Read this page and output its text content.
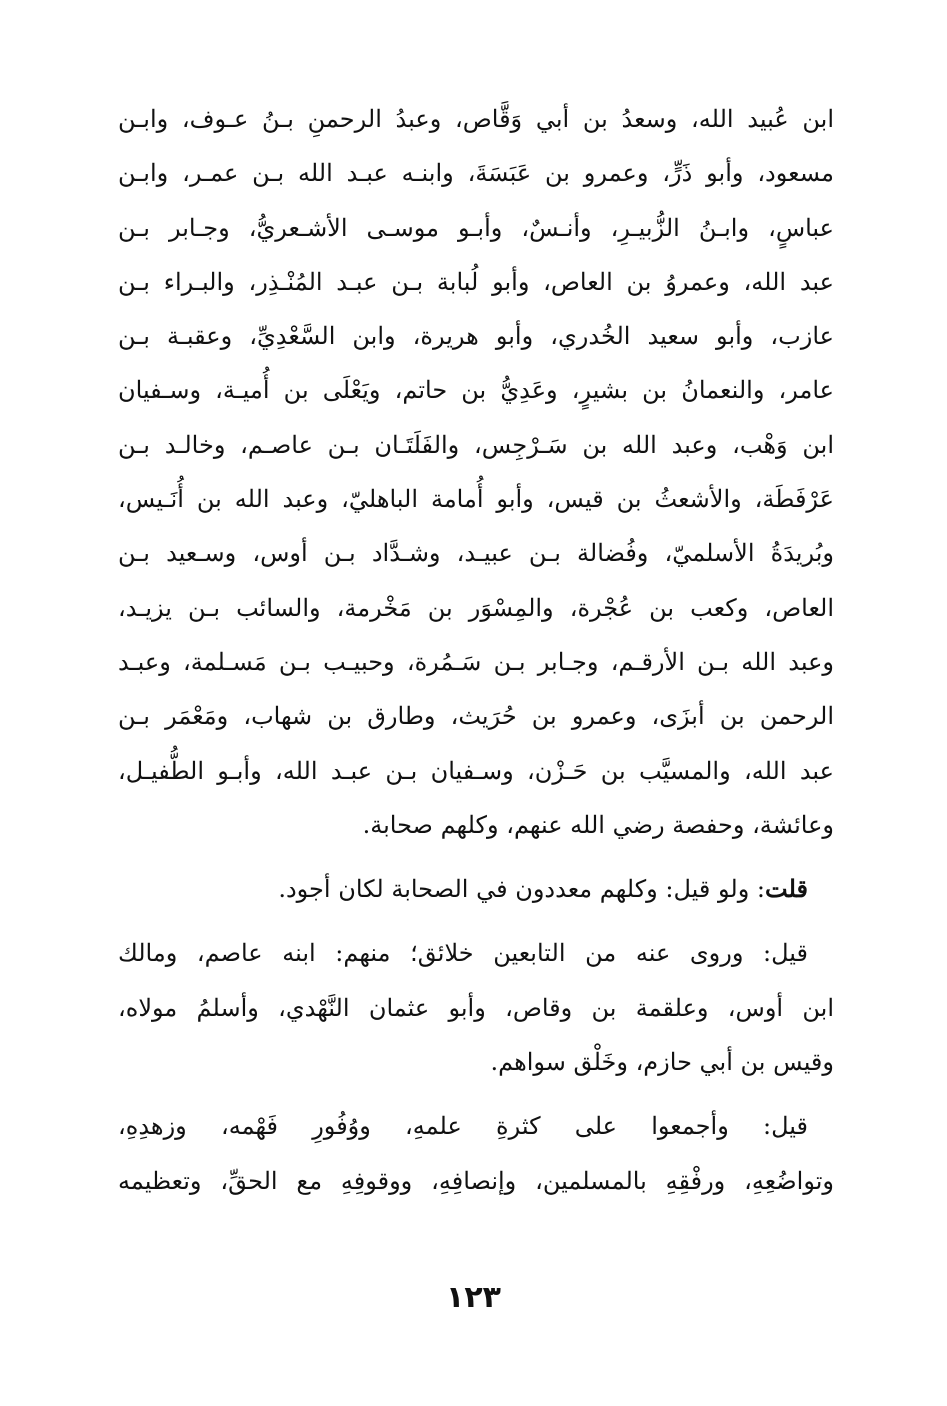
ابن عُبيد الله، وسعدُ بن أبي وَقَّاص، وعبدُ الرحمنِ بـنُ عـوف، وابـن
مسعود، وأبو ذَرٍّ، وعمرو بن عَبَسَةَ، وابنـه عبـد الله بـن عمـر، وابـن
عباسٍ، وابـنُ الزُّبيـرِ، وأنـسٌ، وأبـو موسـى الأشـعريُّ، وجـابر بـن
عبد الله، وعمروُ بن العاص، وأبو لُبابة بـن عبـد المُنْـذِر، والبـراء بـن
عازب، وأبو سعيد الخُدري، وأبو هريرة، وابن السَّعْدِيِّ، وعقبـة بـن
عامر، والنعمانُ بن بشيرٍ، وعَدِيُّ بن حاتم، ويَعْلَى بن أُميـة، وسـفيان
ابن وَهْب، وعبد الله بن سَـرْجِس، والفَلَتَـان بـن عاصـم، وخالـد بـن
عَرْفَطَة، والأشعثُ بن قيس، وأبو أُمامة الباهليّ، وعبد الله بن أُنَـيس،
وبُريدَةُ الأسلميّ، وفُضالة بـن عبيـد، وشـدَّاد بـن أوس، وسـعيد بـن
العاص، وكعب بن عُجْرة، والمِسْوَر بن مَخْرمة، والسائب بـن يزيـد،
وعبد الله بـن الأرقـم، وجـابر بـن سَـمُرة، وحبيـب بـن مَسـلمة، وعبـد
الرحمن بن أبزَى، وعمرو بن حُرَيث، وطارق بن شهاب، ومَعْمَر بـن
عبد الله، والمسيَّب بن حَـزْن، وسـفيان بـن عبـد الله، وأبـو الطُّفيـل،
وعائشة، وحفصة رضي الله عنهم، وكلهم صحابة.
قلت: ولو قيل: وكلهم معددون في الصحابة لكان أجود.
قيل: وروى عنه من التابعين خلائق؛ منهم: ابنه عاصم، ومالك
ابن أوس، وعلقمة بن وقاص، وأبو عثمان النَّهْدي، وأسلمُ مولاه،
وقيس بن أبي حازم، وخَلْق سواهم.
قيل: وأجمعوا على كثرةِ علمهِ، ووُفُورِ فَهْمه، وزهدِهِ،
وتواضُعِهِ، ورفْقِهِ بالمسلمين، وإنصافِهِ، ووقوفِهِ مع الحقِّ، وتعظيمه
١٢٣
